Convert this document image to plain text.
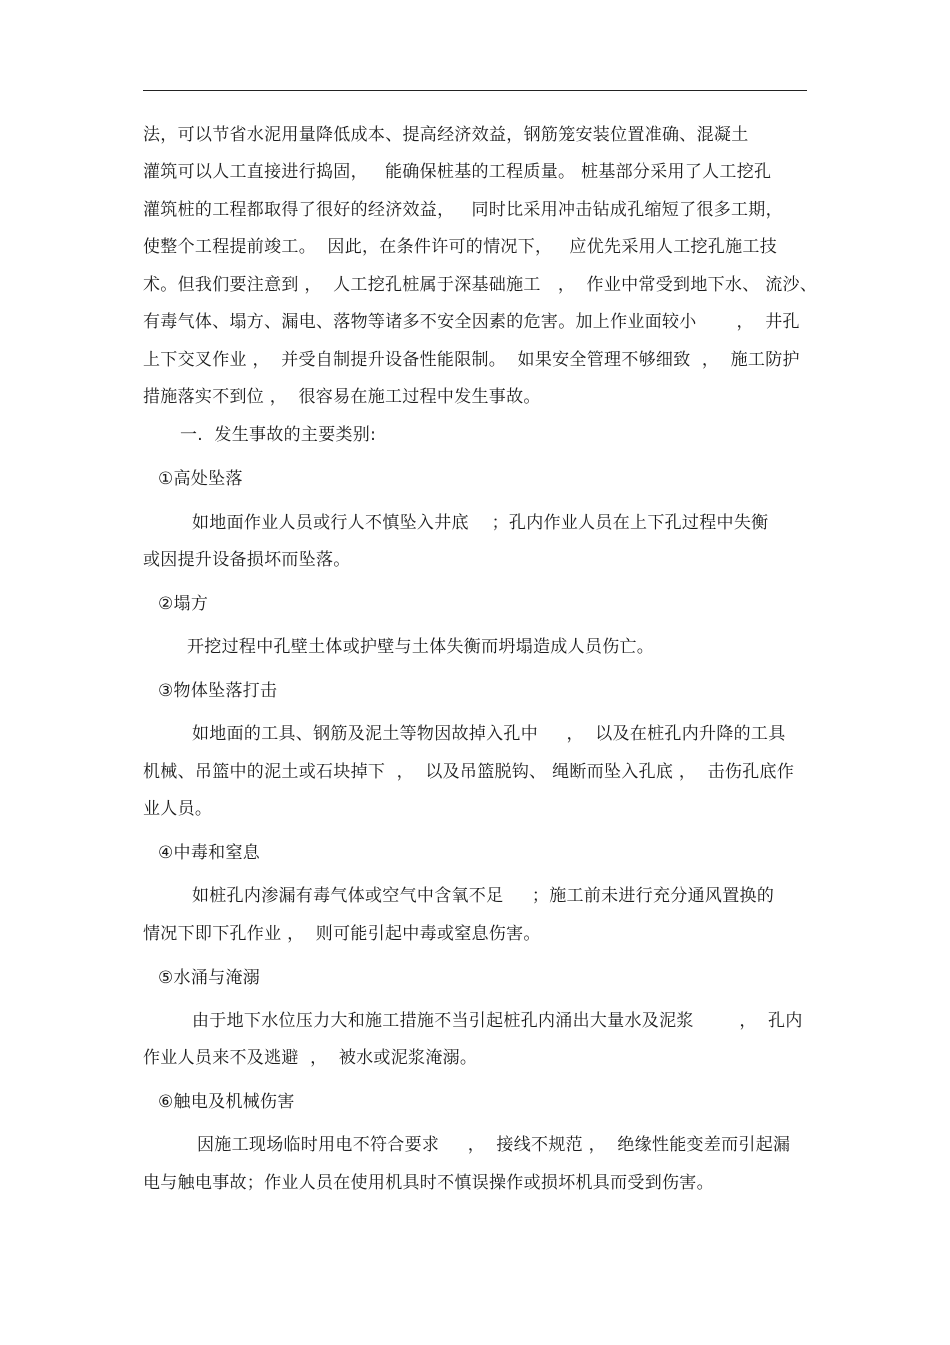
法，可以节省水泥用量降低成本、提高经济效益，钢筋笼安装位置准确、混凝土
灌筑可以人工直接进行捣固，   能确保桩基的工程质量。 桩基部分采用了人工挖孔
灌筑桩的工程都取得了很好的经济效益，   同时比采用冲击钻成孔缩短了很多工期，
使整个工程提前竣工。  因此，在条件许可的情况下，   应优先采用人工挖孔施工技
术。但我们要注意到 ，  人工挖孔桩属于深基础施工   ，  作业中常受到地下水、 流沙、
有毒气体、塌方、漏电、落物等诸多不安全因素的危害。加上作业面较小       ，  井孔
上下交叉作业 ，  并受自制提升设备性能限制。  如果安全管理不够细致  ，  施工防护
措施落实不到位 ，  很容易在施工过程中发生事故。
一.  发生事故的主要类别:
①高处坠落
如地面作业人员或行人不慎坠入井底    ；孔内作业人员在上下孔过程中失衡
或因提升设备损坏而坠落。
②塌方
开挖过程中孔壁土体或护壁与土体失衡而坍塌造成人员伤亡。
③物体坠落打击
如地面的工具、钢筋及泥土等物因故掉入孔中     ，  以及在桩孔内升降的工具
机械、吊篮中的泥土或石块掉下  ，  以及吊篮脱钩、 绳断而坠入孔底 ，  击伤孔底作
业人员。
④中毒和窒息
如桩孔内渗漏有毒气体或空气中含氧不足     ；施工前未进行充分通风置换的
情况下即下孔作业 ，  则可能引起中毒或窒息伤害。
⑤水涌与淹溺
由于地下水位压力大和施工措施不当引起桩孔内涌出大量水及泥浆        ，  孔内
作业人员来不及逃避  ，  被水或泥浆淹溺。
⑥触电及机械伤害
因施工现场临时用电不符合要求     ，  接线不规范 ，  绝缘性能变差而引起漏
电与触电事故；作业人员在使用机具时不慎误操作或损坏机具而受到伤害。
